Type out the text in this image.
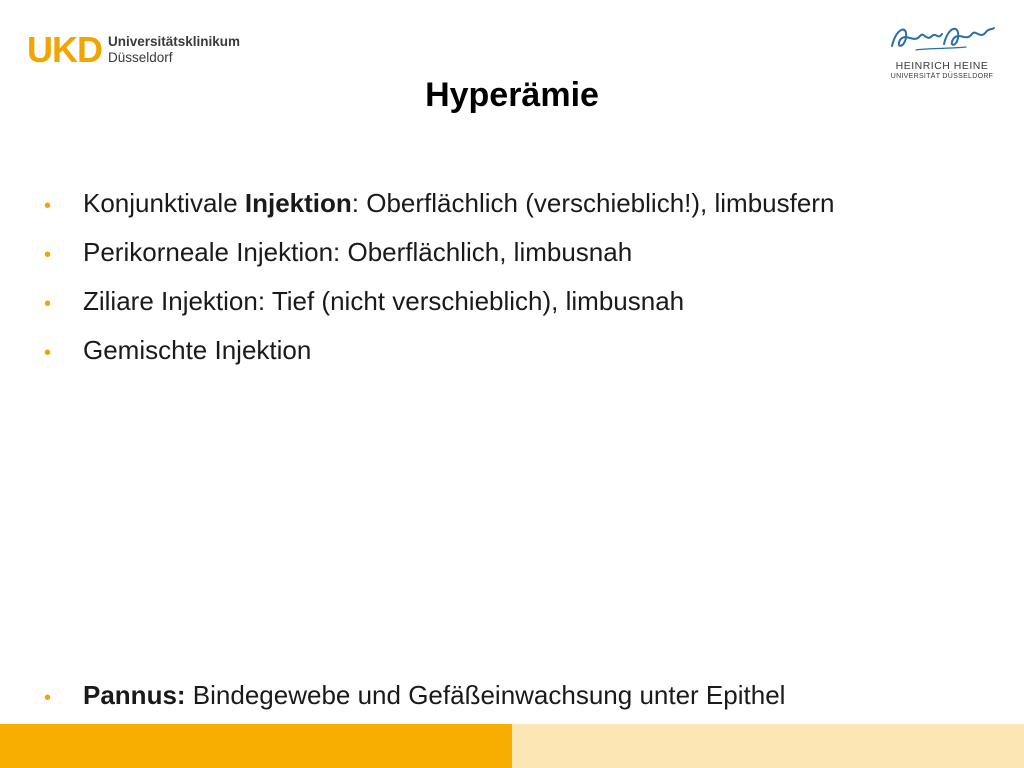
UKD Universitätsklinikum
Düsseldorf
HEINRICH HEINE
UNIVERSITÄT DÜSSELDORF
Hyperämie
•	Konjunktivale Injektion: Oberflächlich (verschieblich!), limbusfern
•	Perikorneale Injektion: Oberflächlich, limbusnah
•	Ziliare Injektion: Tief (nicht verschieblich), limbusnah
•	Gemischte Injektion
•	Pannus: Bindegewebe und Gefäßeinwachsung unter Epithel
